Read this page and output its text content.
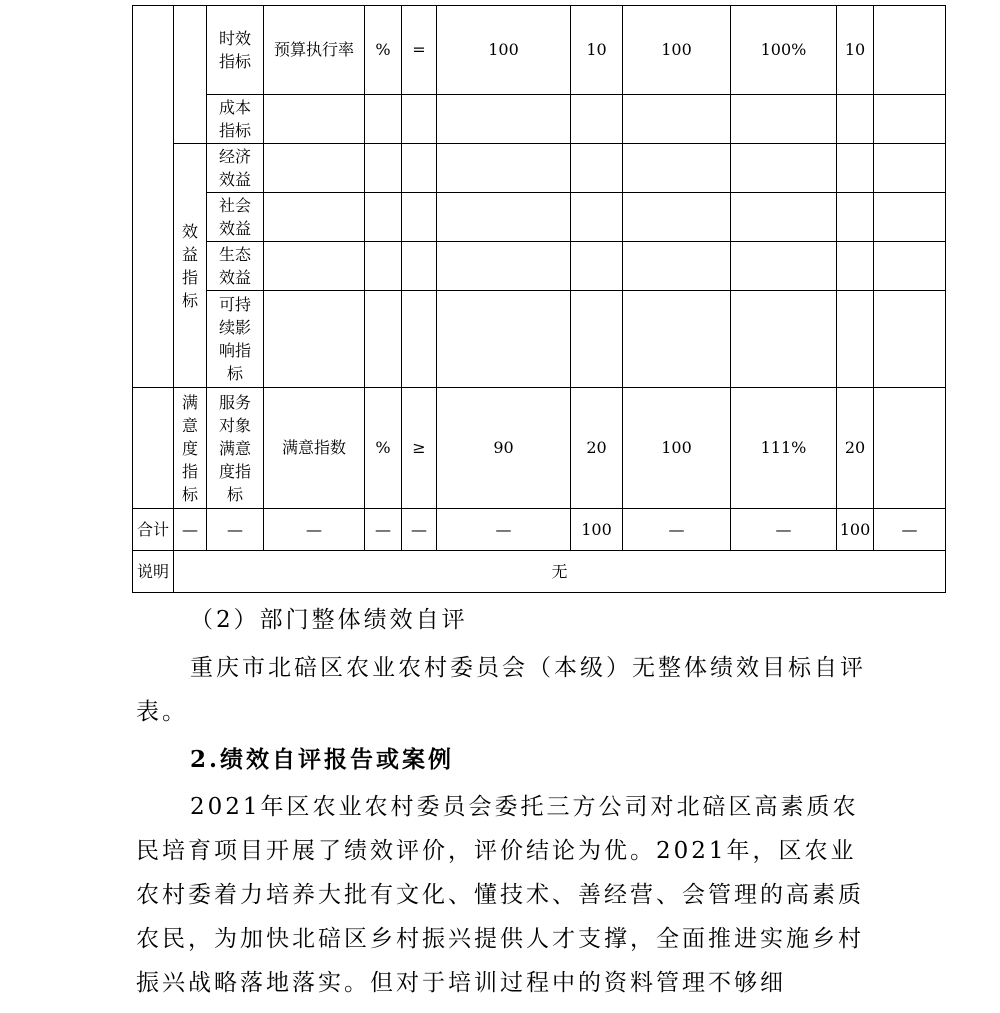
		时效指标	预算执行率	%	=	100	10	100	100%	10	
		成本指标									
	效益指标	经济效益									
		社会效益									
		生态效益									
		可持续影响指标									
	满意度指标	服务对象满意度指标	满意指数	%	≥	90	20	100	111%	20	
合计	—	—	—	—	—	—	100	—	—	100	—
说明	无										

（2）部门整体绩效自评

重庆市北碚区农业农村委员会（本级）无整体绩效目标自评表。

2.绩效自评报告或案例

2021年区农业农村委员会委托三方公司对北碚区高素质农民培育项目开展了绩效评价，评价结论为优。2021年，区农业农村委着力培养大批有文化、懂技术、善经营、会管理的高素质农民，为加快北碚区乡村振兴提供人才支撑，全面推进实施乡村振兴战略落地落实。但对于培训过程中的资料管理不够细
